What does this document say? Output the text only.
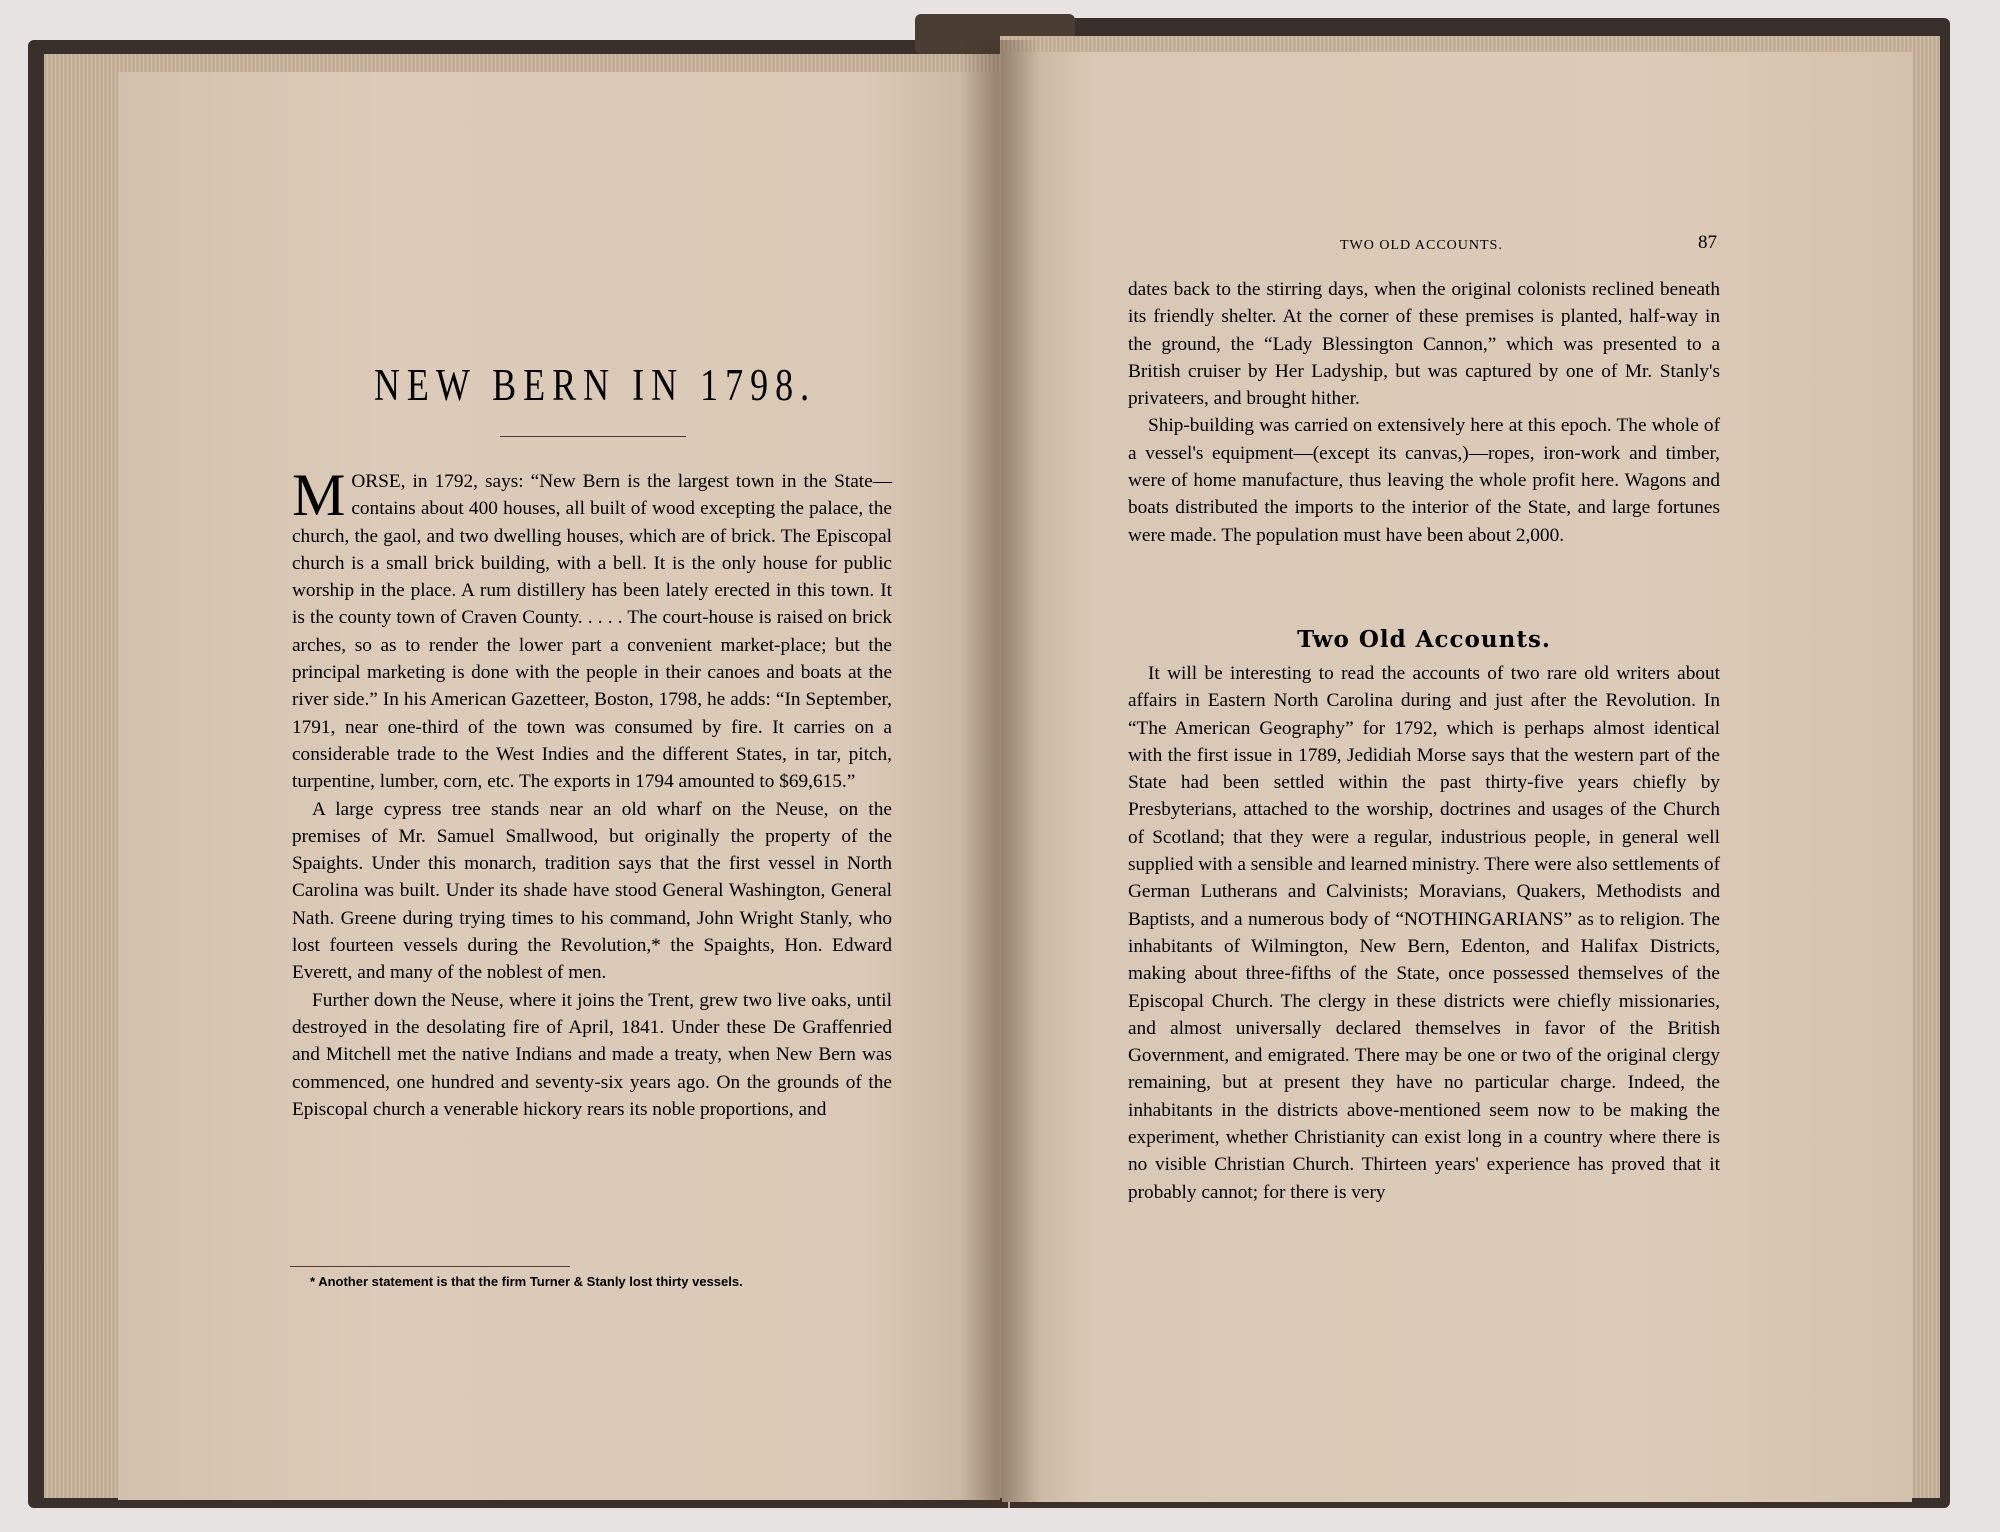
NEW BERN IN 1798.

MORSE, in 1792, says: “New Bern is the largest town in the State—contains about 400 houses, all built of wood excepting the palace, the church, the gaol, and two dwelling houses, which are of brick. The Episcopal church is a small brick building, with a bell. It is the only house for public worship in the place. A rum distillery has been lately erected in this town. It is the county town of Craven County. . . . . The court-house is raised on brick arches, so as to render the lower part a convenient market-place; but the principal marketing is done with the people in their canoes and boats at the river side.” In his American Gazetteer, Boston, 1798, he adds: “In September, 1791, near one-third of the town was consumed by fire. It carries on a considerable trade to the West Indies and the different States, in tar, pitch, turpentine, lumber, corn, etc. The exports in 1794 amounted to $69,615.”

A large cypress tree stands near an old wharf on the Neuse, on the premises of Mr. Samuel Smallwood, but originally the property of the Spaights. Under this monarch, tradition says that the first vessel in North Carolina was built. Under its shade have stood General Washington, General Nath. Greene during trying times to his command, John Wright Stanly, who lost fourteen vessels during the Revolution,* the Spaights, Hon. Edward Everett, and many of the noblest of men.

Further down the Neuse, where it joins the Trent, grew two live oaks, until destroyed in the desolating fire of April, 1841. Under these De Graffenried and Mitchell met the native Indians and made a treaty, when New Bern was commenced, one hundred and seventy-six years ago. On the grounds of the Episcopal church a venerable hickory rears its noble proportions, and

* Another statement is that the firm Turner & Stanly lost thirty vessels.
TWO OLD ACCOUNTS.	87

dates back to the stirring days, when the original colonists reclined beneath its friendly shelter. At the corner of these premises is planted, half-way in the ground, the “Lady Blessington Cannon,” which was presented to a British cruiser by Her Ladyship, but was captured by one of Mr. Stanly's privateers, and brought hither.

Ship-building was carried on extensively here at this epoch. The whole of a vessel's equipment—(except its canvas,)—ropes, iron-work and timber, were of home manufacture, thus leaving the whole profit here. Wagons and boats distributed the imports to the interior of the State, and large fortunes were made. The population must have been about 2,000.

Two Old Accounts.

It will be interesting to read the accounts of two rare old writers about affairs in Eastern North Carolina during and just after the Revolution. In “The American Geography” for 1792, which is perhaps almost identical with the first issue in 1789, Jedidiah Morse says that the western part of the State had been settled within the past thirty-five years chiefly by Presbyterians, attached to the worship, doctrines and usages of the Church of Scotland; that they were a regular, industrious people, in general well supplied with a sensible and learned ministry. There were also settlements of German Lutherans and Calvinists; Moravians, Quakers, Methodists and Baptists, and a numerous body of “NOTHINGARIANS” as to religion. The inhabitants of Wilmington, New Bern, Edenton, and Halifax Districts, making about three-fifths of the State, once possessed themselves of the Episcopal Church. The clergy in these districts were chiefly missionaries, and almost universally declared themselves in favor of the British Government, and emigrated. There may be one or two of the original clergy remaining, but at present they have no particular charge. Indeed, the inhabitants in the districts above-mentioned seem now to be making the experiment, whether Christianity can exist long in a country where there is no visible Christian Church. Thirteen years' experience has proved that it probably cannot; for there is very
